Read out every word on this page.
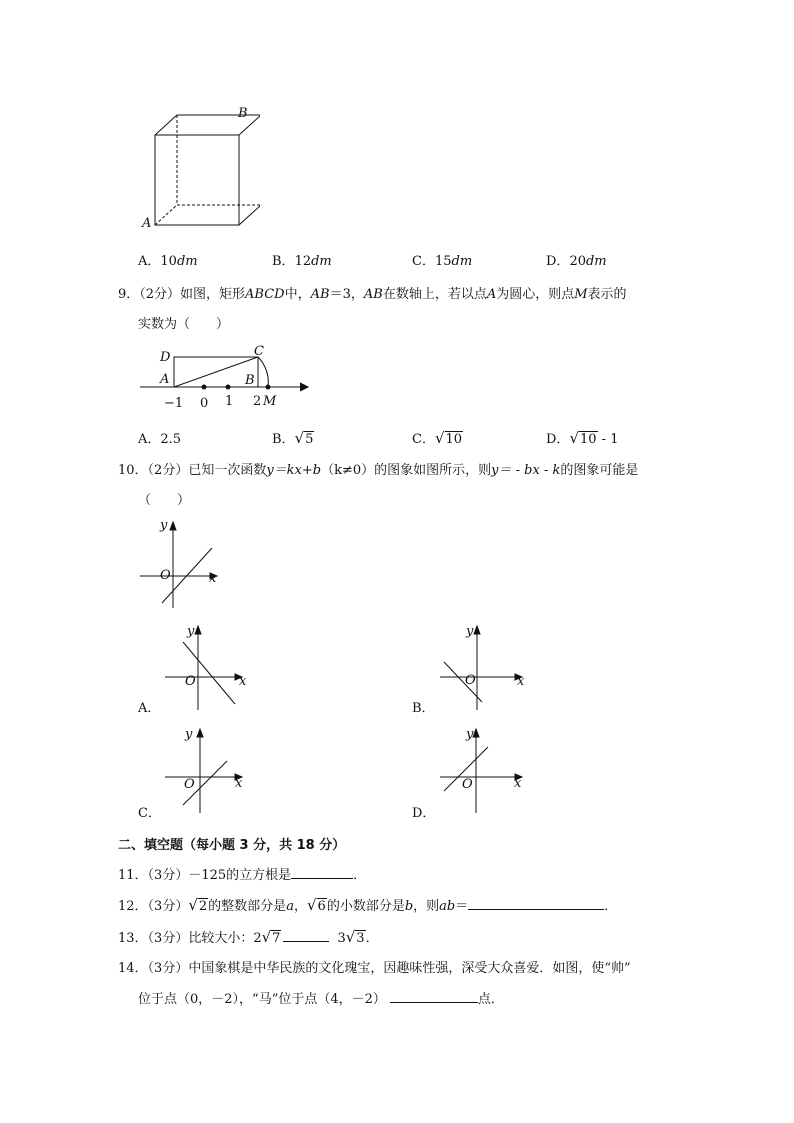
B
A
A．10dm	B．12dm	C．15dm	D．20dm
9．（2分）如图，矩形ABCD中，AB＝3，AB在数轴上，若以点A为圆心，则点M表示的
实数为（　　）
D	C
A	B
−1 0 1 2 M
A．2.5	B．√5	C．√10	D．√10 - 1
10．（2分）已知一次函数y＝kx+b（k≠0）的图象如图所示，则y＝ - bx - k的图象可能是
（　　）
y
x
O
y
x
O
A．
y
x
O
B．
y
x
O
C．
y
x
O
D．
二、填空题（每小题 3 分，共 18 分）
11．（3分）－125的立方根是	．
12．（3分）√2的整数部分是a，√6的小数部分是b，则ab＝	．
13．（3分）比较大小：2√7	3√3．
14．（3分）中国象棋是中华民族的文化瑰宝，因趣味性强，深受大众喜爱．如图，使“帅”
位于点（0，－2），“马”位于点（4，－2）	点．
